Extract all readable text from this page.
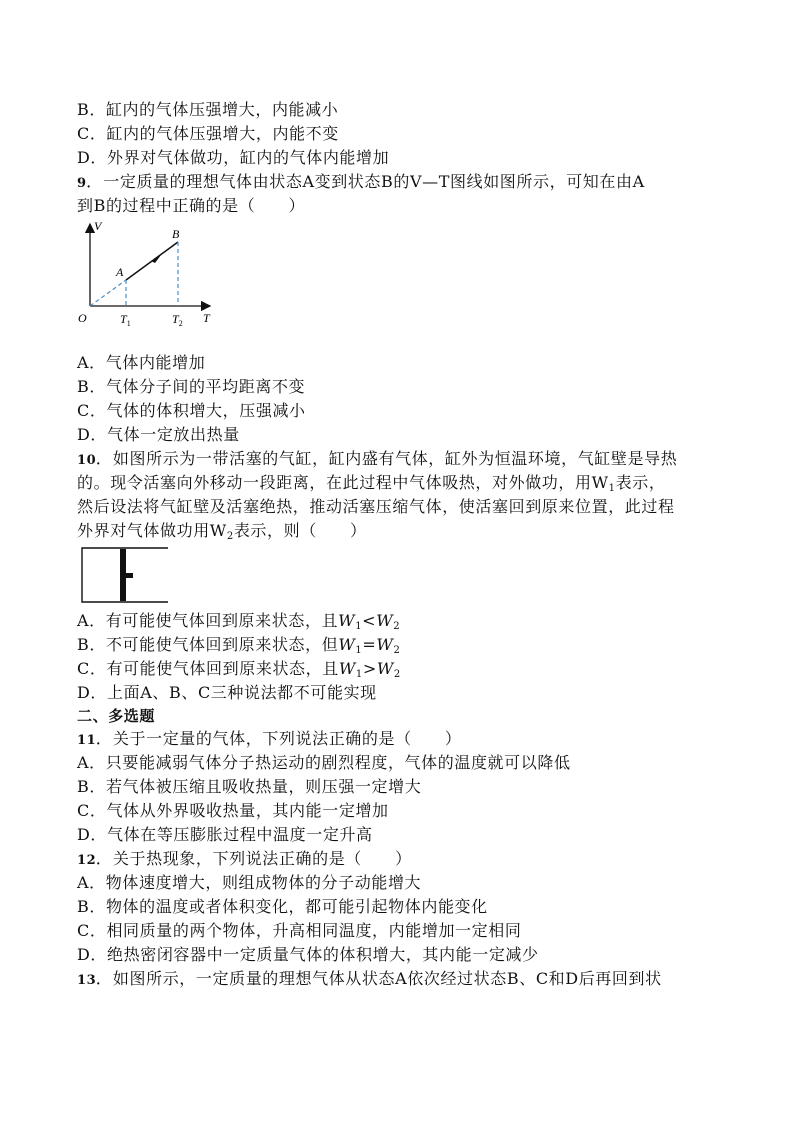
B．缸内的气体压强增大，内能减小
C．缸内的气体压强增大，内能不变
D．外界对气体做功，缸内的气体内能增加
9． 一定质量的理想气体由状态A变到状态B的V—T图线如图所示，可知在由A
到B的过程中正确的是（　　）
V
T
O
A
B
$T_1$	$T_2$
A．气体内能增加
B．气体分子间的平均距离不变
C．气体的体积增大，压强减小
D．气体一定放出热量
10． 如图所示为一带活塞的气缸，缸内盛有气体，缸外为恒温环境，气缸壁是导热
的。现令活塞向外移动一段距离，在此过程中气体吸热，对外做功，用$W_1$表示，
然后设法将气缸壁及活塞绝热，推动活塞压缩气体，使活塞回到原来位置，此过程
外界对气体做功用$W_2$表示，则（　　）
A．有可能使气体回到原来状态，且$W_1<W_2$
B．不可能使气体回到原来状态，但$W_1=W_2$
C．有可能使气体回到原来状态，且$W_1>W_2$
D．上面A、B、C三种说法都不可能实现
二、多选题
11． 关于一定量的气体，下列说法正确的是（　　）
A．只要能减弱气体分子热运动的剧烈程度，气体的温度就可以降低
B．若气体被压缩且吸收热量，则压强一定增大
C．气体从外界吸收热量，其内能一定增加
D．气体在等压膨胀过程中温度一定升高
12． 关于热现象，下列说法正确的是（　　）
A．物体速度增大，则组成物体的分子动能增大
B．物体的温度或者体积变化，都可能引起物体内能变化
C．相同质量的两个物体，升高相同温度，内能增加一定相同
D．绝热密闭容器中一定质量气体的体积增大，其内能一定减少
13． 如图所示，一定质量的理想气体从状态A依次经过状态B、C和D后再回到状
